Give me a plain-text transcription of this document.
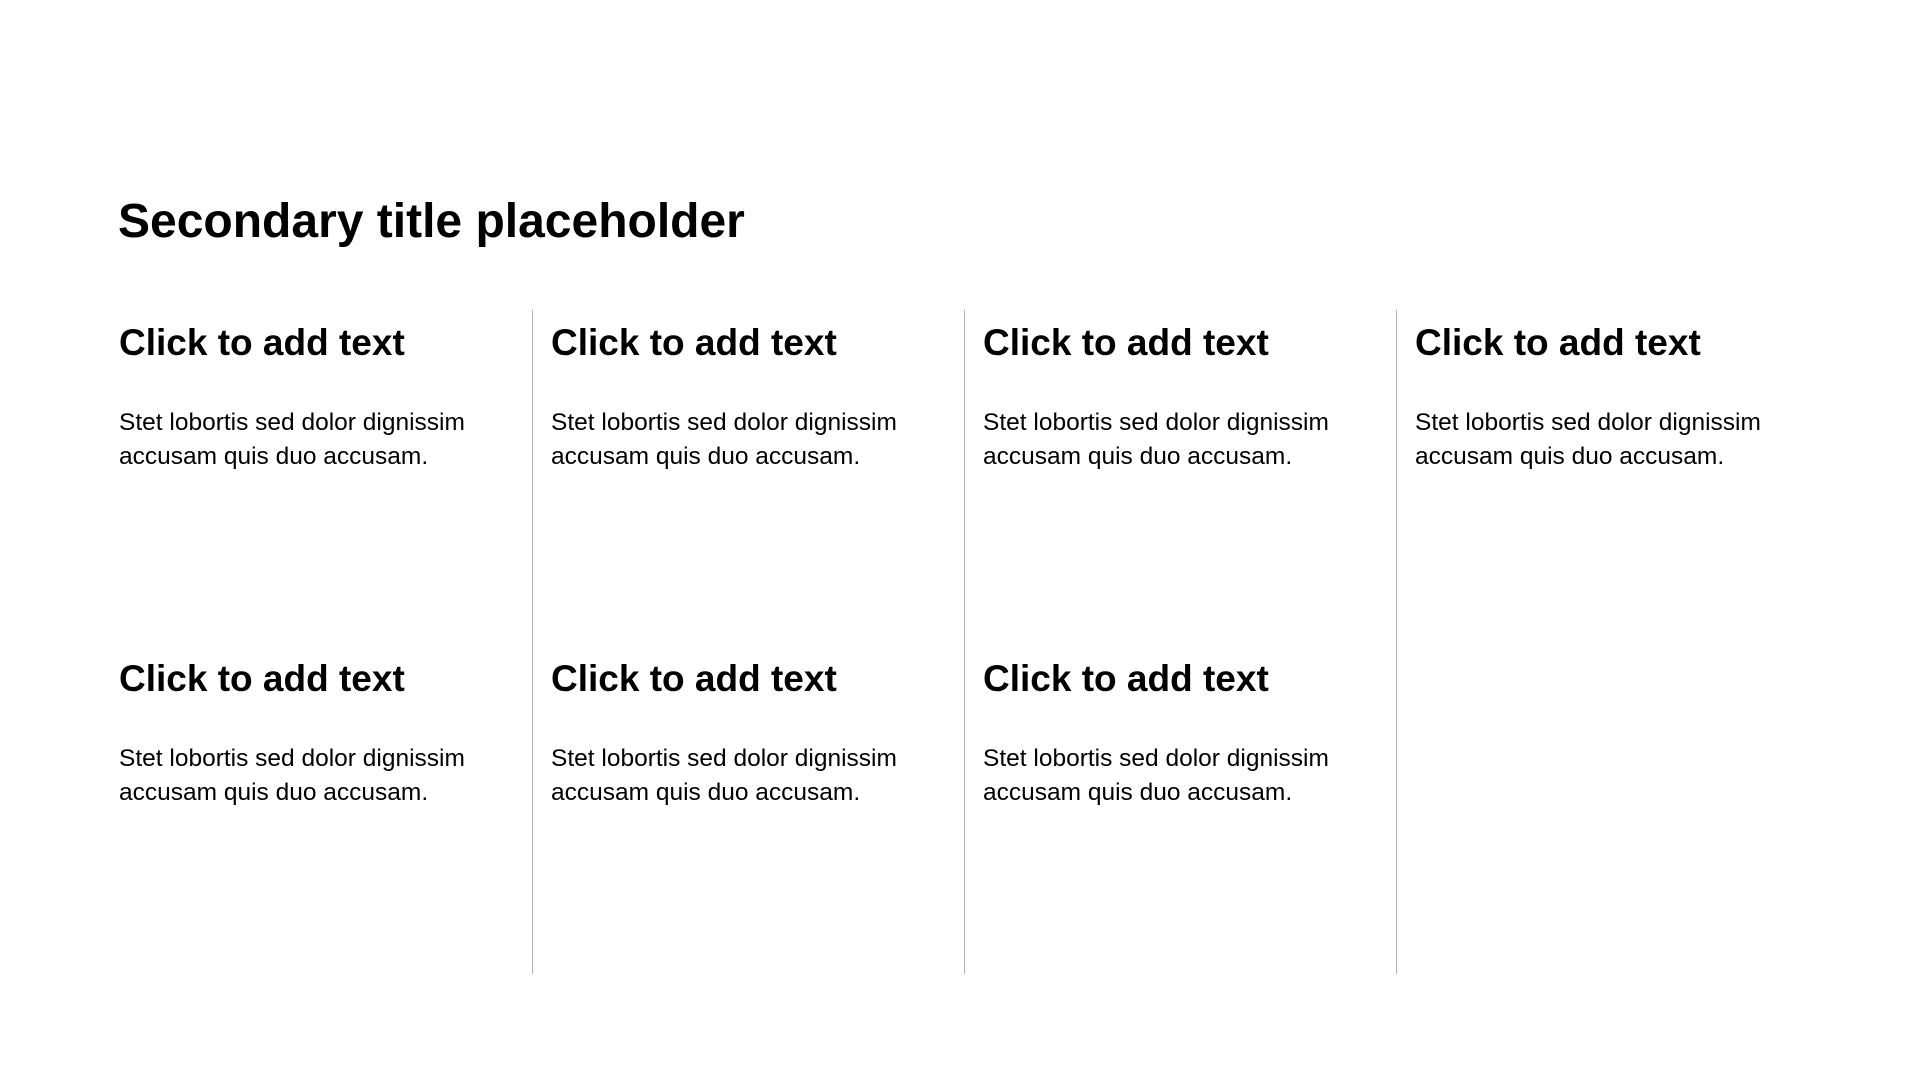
Secondary title placeholder
Click to add text
Stet lobortis sed dolor dignissim accusam quis duo accusam.
Click to add text
Stet lobortis sed dolor dignissim accusam quis duo accusam.
Click to add text
Stet lobortis sed dolor dignissim accusam quis duo accusam.
Click to add text
Stet lobortis sed dolor dignissim accusam quis duo accusam.
Click to add text
Stet lobortis sed dolor dignissim accusam quis duo accusam.
Click to add text
Stet lobortis sed dolor dignissim accusam quis duo accusam.
Click to add text
Stet lobortis sed dolor dignissim accusam quis duo accusam.
